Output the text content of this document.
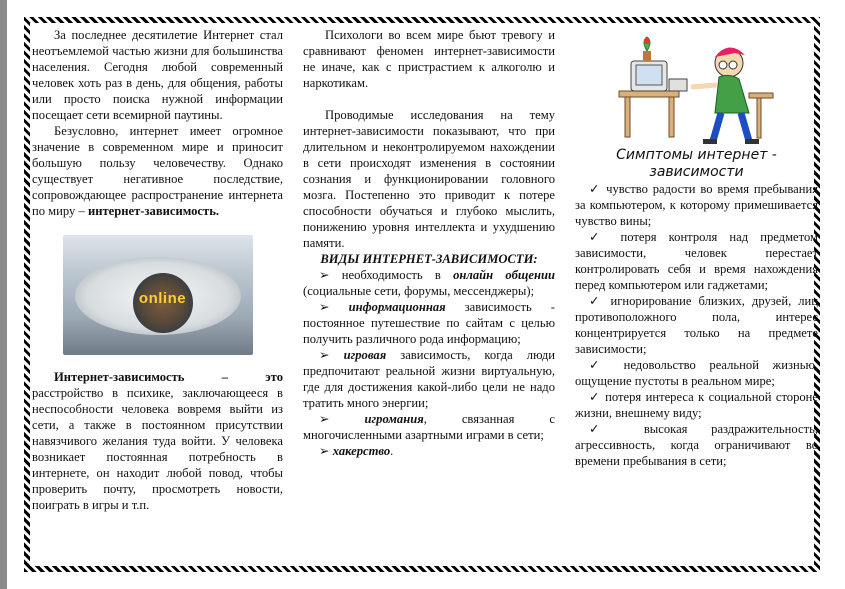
За последнее десятилетие Интернет стал неотъемлемой частью жизни для большинства населения. Сегодня любой современный человек хоть раз в день, для общения, работы или просто поиска нужной информации посещает сети всемирной паутины.

Безусловно, интернет имеет огромное значение в современном мире и приносит большую пользу человечеству. Однако существует негативное последствие, сопровождающее распространение интернета по миру – интернет-зависимость.

online

Интернет-зависимость – это расстройство в психике, заключающееся в неспособности человека вовремя выйти из сети, а также в постоянном присутствии навязчивого желания туда войти. У человека возникает постоянная потребность в интернете, он находит любой повод, чтобы проверить почту, просмотреть новости, поиграть в игры и т.п.

Психологи во всем мире бьют тревогу и сравнивают феномен интернет-зависимости не иначе, как с пристрастием к алкоголю и наркотикам.

Проводимые исследования на тему интернет-зависимости показывают, что при длительном и неконтролируемом нахождении в сети происходят изменения в состоянии сознания и функционировании головного мозга. Постепенно это приводит к потере способности обучаться и глубоко мыслить, понижению уровня интеллекта и ухудшению памяти.

ВИДЫ ИНТЕРНЕТ-ЗАВИСИМОСТИ:

➢ необходимость в онлайн общении (социальные сети, форумы, мессенджеры);

➢ информационная зависимость - постоянное путешествие по сайтам с целью получить различного рода информацию;

➢ игровая зависимость, когда люди предпочитают реальной жизни виртуальную, где для достижения какой-либо цели не надо тратить много энергии;

➢ игромания, связанная с многочисленными азартными играми в сети;

➢ хакерство.

Симптомы интернет - зависимости

✓ чувство радости во время пребывания за компьютером, к которому примешивается чувство вины;

✓ потеря контроля над предметом зависимости, человек перестает контролировать себя и время нахождения перед компьютером или гаджетами;

✓ игнорирование близких, друзей, лиц противоположного пола, интерес концентрируется только на предмете зависимости;

✓ недовольство реальной жизнью, ощущение пустоты в реальном мире;

✓ потеря интереса к социальной стороне жизни, внешнему виду;

✓ высокая раздражительность, агрессивность, когда ограничивают во времени пребывания в сети;
